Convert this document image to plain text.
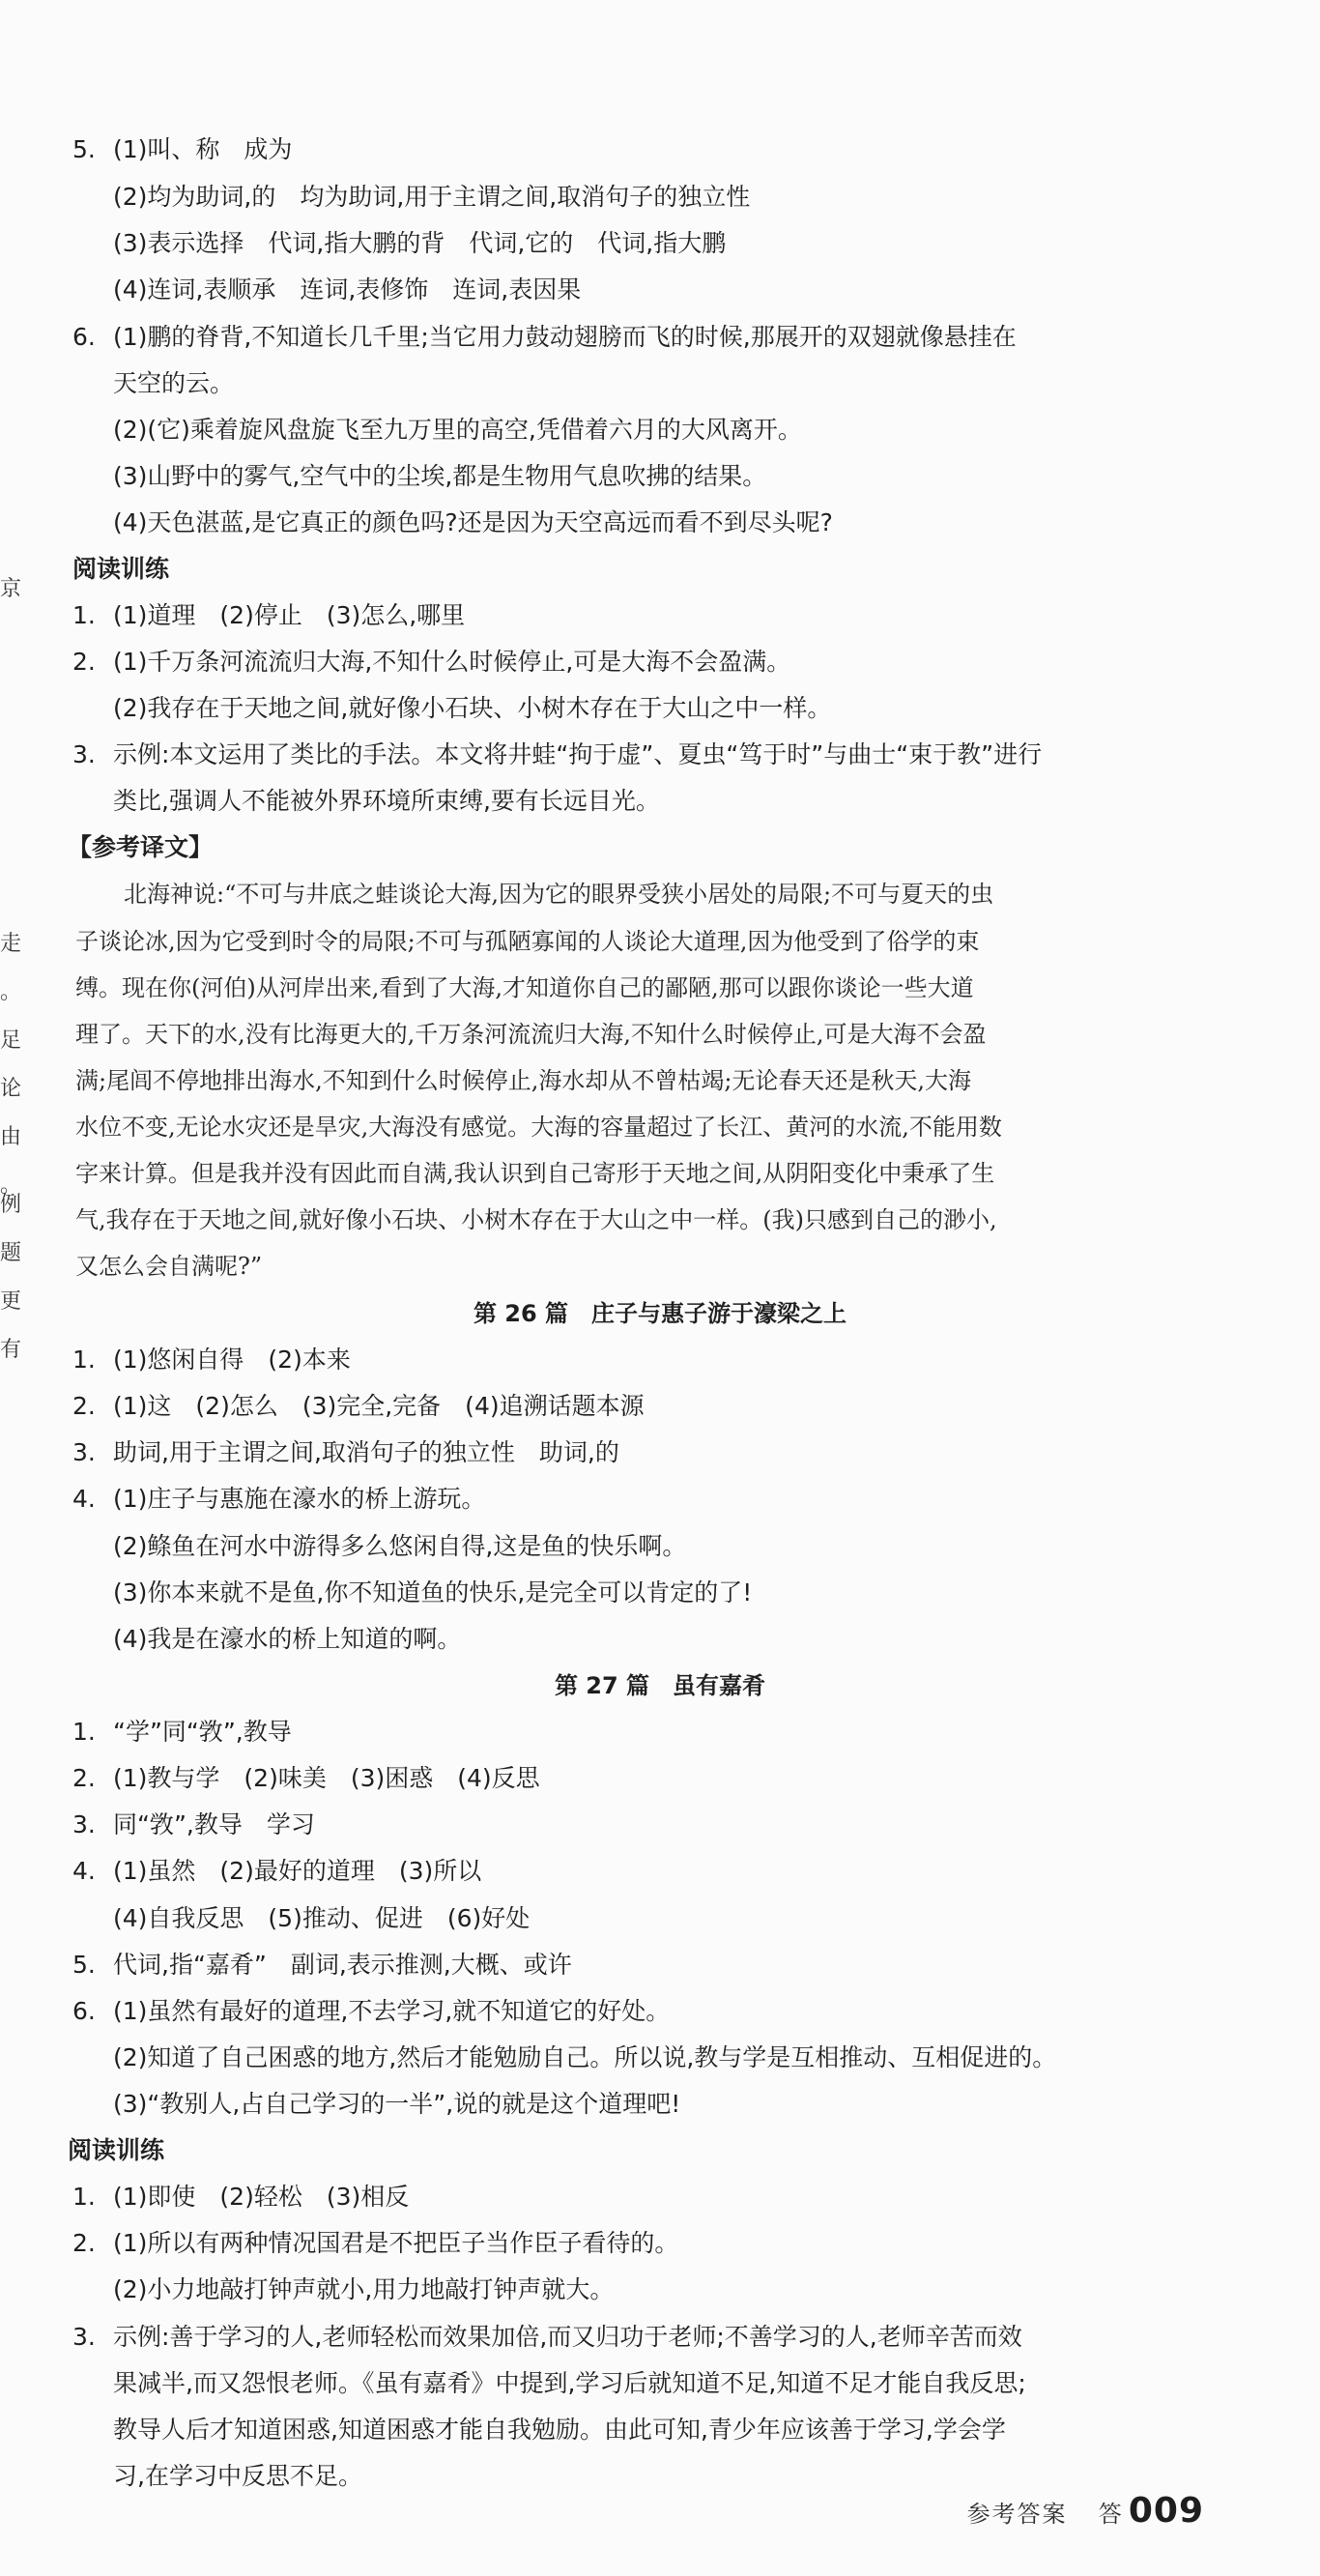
京
走
。
足
论
由
。
例
题
更
有
5. (1)叫、称　成为
(2)均为助词,的　均为助词,用于主谓之间,取消句子的独立性
(3)表示选择　代词,指大鹏的背　代词,它的　代词,指大鹏
(4)连词,表顺承　连词,表修饰　连词,表因果
6. (1)鹏的脊背,不知道长几千里;当它用力鼓动翅膀而飞的时候,那展开的双翅就像悬挂在
天空的云。
(2)(它)乘着旋风盘旋飞至九万里的高空,凭借着六月的大风离开。
(3)山野中的雾气,空气中的尘埃,都是生物用气息吹拂的结果。
(4)天色湛蓝,是它真正的颜色吗?还是因为天空高远而看不到尽头呢?
阅读训练
1. (1)道理　(2)停止　(3)怎么,哪里
2. (1)千万条河流流归大海,不知什么时候停止,可是大海不会盈满。
(2)我存在于天地之间,就好像小石块、小树木存在于大山之中一样。
3. 示例:本文运用了类比的手法。本文将井蛙“拘于虚”、夏虫“笃于时”与曲士“束于教”进行
类比,强调人不能被外界环境所束缚,要有长远目光。
【参考译文】
北海神说:“不可与井底之蛙谈论大海,因为它的眼界受狭小居处的局限;不可与夏天的虫
子谈论冰,因为它受到时令的局限;不可与孤陋寡闻的人谈论大道理,因为他受到了俗学的束
缚。现在你(河伯)从河岸出来,看到了大海,才知道你自己的鄙陋,那可以跟你谈论一些大道
理了。天下的水,没有比海更大的,千万条河流流归大海,不知什么时候停止,可是大海不会盈
满;尾闾不停地排出海水,不知到什么时候停止,海水却从不曾枯竭;无论春天还是秋天,大海
水位不变,无论水灾还是旱灾,大海没有感觉。大海的容量超过了长江、黄河的水流,不能用数
字来计算。但是我并没有因此而自满,我认识到自己寄形于天地之间,从阴阳变化中秉承了生
气,我存在于天地之间,就好像小石块、小树木存在于大山之中一样。(我)只感到自己的渺小,
又怎么会自满呢?”
第 26 篇　庄子与惠子游于濠梁之上
1. (1)悠闲自得　(2)本来
2. (1)这　(2)怎么　(3)完全,完备　(4)追溯话题本源
3. 助词,用于主谓之间,取消句子的独立性　助词,的
4. (1)庄子与惠施在濠水的桥上游玩。
(2)鲦鱼在河水中游得多么悠闲自得,这是鱼的快乐啊。
(3)你本来就不是鱼,你不知道鱼的快乐,是完全可以肯定的了!
(4)我是在濠水的桥上知道的啊。
第 27 篇　虽有嘉肴
1. “学”同“敩”,教导
2. (1)教与学　(2)味美　(3)困惑　(4)反思
3. 同“敩”,教导　学习
4. (1)虽然　(2)最好的道理　(3)所以
(4)自我反思　(5)推动、促进　(6)好处
5. 代词,指“嘉肴”　副词,表示推测,大概、或许
6. (1)虽然有最好的道理,不去学习,就不知道它的好处。
(2)知道了自己困惑的地方,然后才能勉励自己。所以说,教与学是互相推动、互相促进的。
(3)“教别人,占自己学习的一半”,说的就是这个道理吧!
阅读训练
1. (1)即使　(2)轻松　(3)相反
2. (1)所以有两种情况国君是不把臣子当作臣子看待的。
(2)小力地敲打钟声就小,用力地敲打钟声就大。
3. 示例:善于学习的人,老师轻松而效果加倍,而又归功于老师;不善学习的人,老师辛苦而效
果减半,而又怨恨老师。《虽有嘉肴》中提到,学习后就知道不足,知道不足才能自我反思;
教导人后才知道困惑,知道困惑才能自我勉励。由此可知,青少年应该善于学习,学会学
习,在学习中反思不足。
参考答案 答 009
